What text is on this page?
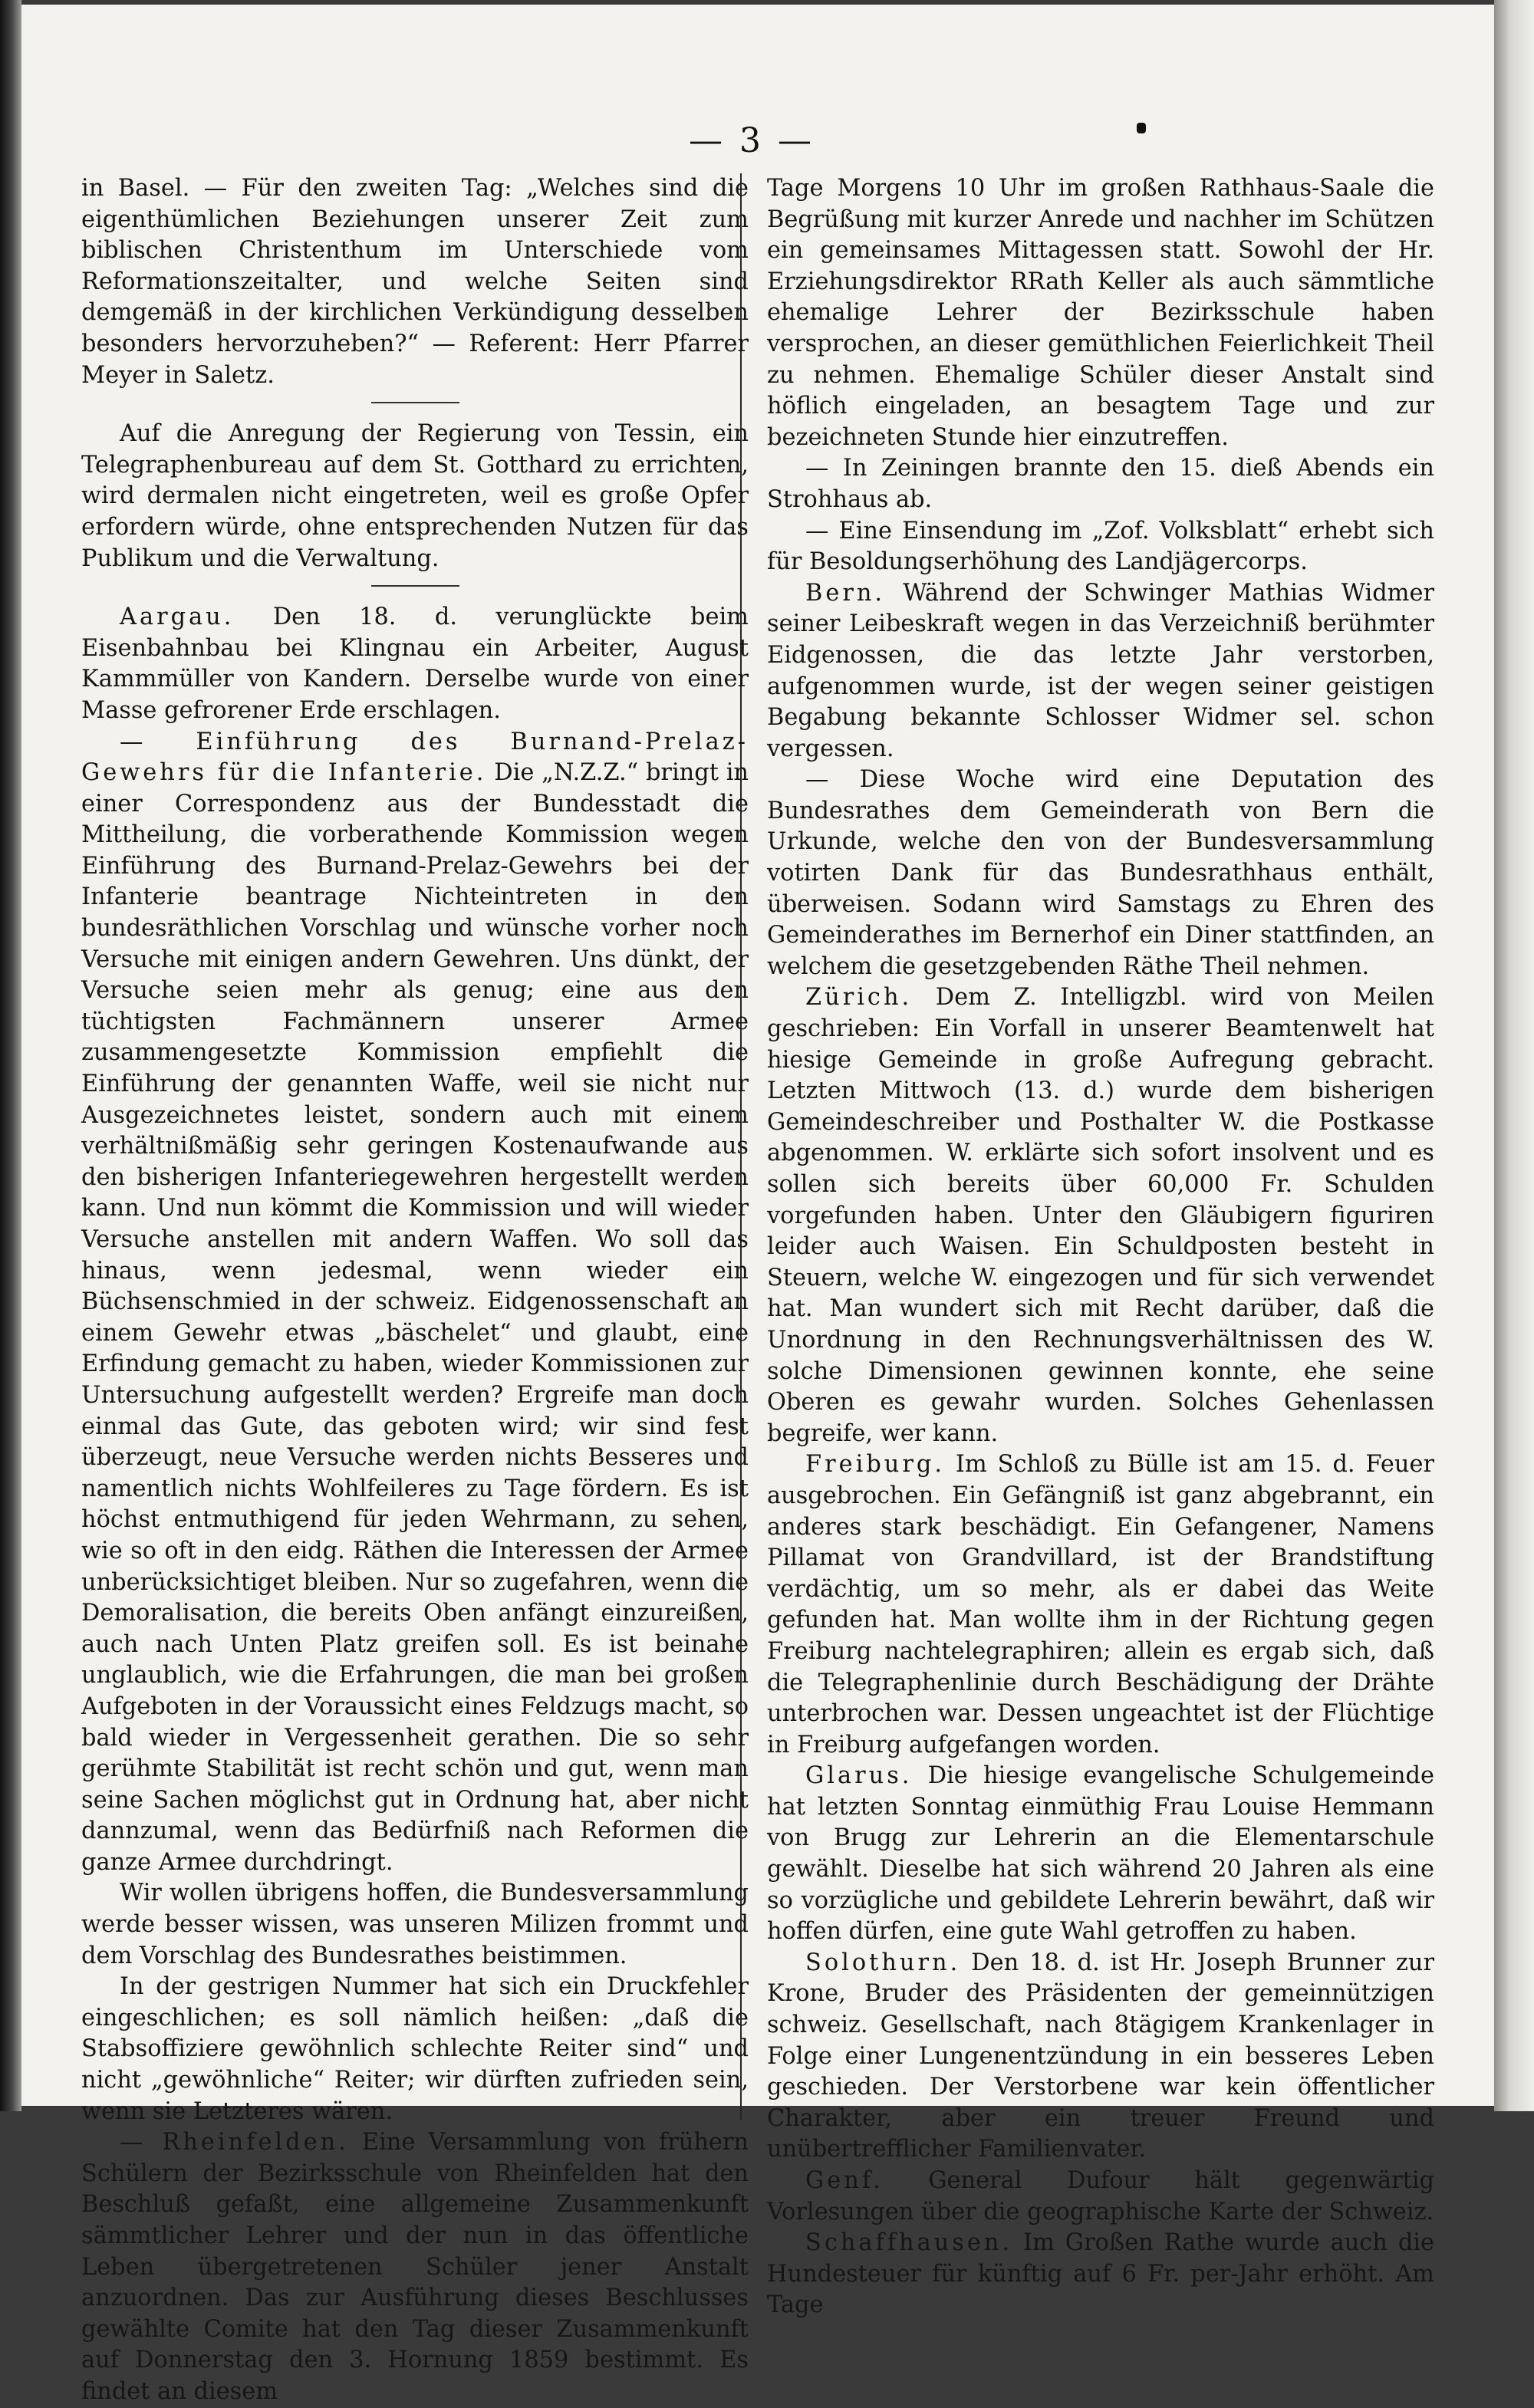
— 3 —

in Basel. — Für den zweiten Tag: „Welches sind die eigenthümlichen Beziehungen unserer Zeit zum biblischen Christenthum im Unterschiede vom Reformationszeitalter, und welche Seiten sind demgemäß in der kirchlichen Verkündigung desselben besonders hervorzuheben?“ — Referent: Herr Pfarrer Meyer in Saletz.

Auf die Anregung der Regierung von Tessin, ein Telegraphenbureau auf dem St. Gotthard zu errichten, wird dermalen nicht eingetreten, weil es große Opfer erfordern würde, ohne entsprechenden Nutzen für das Publikum und die Verwaltung.

Aargau. Den 18. d. verunglückte beim Eisenbahnbau bei Klingnau ein Arbeiter, August Kammmüller von Kandern. Derselbe wurde von einer Masse gefrorener Erde erschlagen.

— Einführung des Burnand-Prelaz-Gewehrs für die Infanterie. Die „N.Z.Z.“ bringt in einer Correspondenz aus der Bundesstadt die Mittheilung, die vorberathende Kommission wegen Einführung des Burnand-Prelaz-Gewehrs bei der Infanterie beantrage Nichteintreten in den bundesräthlichen Vorschlag und wünsche vorher noch Versuche mit einigen andern Gewehren. Uns dünkt, der Versuche seien mehr als genug; eine aus den tüchtigsten Fachmännern unserer Armee zusammengesetzte Kommission empfiehlt die Einführung der genannten Waffe, weil sie nicht nur Ausgezeichnetes leistet, sondern auch mit einem verhältnißmäßig sehr geringen Kostenaufwande aus den bisherigen Infanteriegewehren hergestellt werden kann. Und nun kömmt die Kommission und will wieder Versuche anstellen mit andern Waffen. Wo soll das hinaus, wenn jedesmal, wenn wieder ein Büchsenschmied in der schweiz. Eidgenossenschaft an einem Gewehr etwas „bäschelet“ und glaubt, eine Erfindung gemacht zu haben, wieder Kommissionen zur Untersuchung aufgestellt werden? Ergreife man doch einmal das Gute, das geboten wird; wir sind fest überzeugt, neue Versuche werden nichts Besseres und namentlich nichts Wohlfeileres zu Tage fördern. Es ist höchst entmuthigend für jeden Wehrmann, zu sehen, wie so oft in den eidg. Räthen die Interessen der Armee unberücksichtiget bleiben. Nur so zugefahren, wenn die Demoralisation, die bereits Oben anfängt einzureißen, auch nach Unten Platz greifen soll. Es ist beinahe unglaublich, wie die Erfahrungen, die man bei großen Aufgeboten in der Voraussicht eines Feldzugs macht, so bald wieder in Vergessenheit gerathen. Die so sehr gerühmte Stabilität ist recht schön und gut, wenn man seine Sachen möglichst gut in Ordnung hat, aber nicht dannzumal, wenn das Bedürfniß nach Reformen die ganze Armee durchdringt.

Wir wollen übrigens hoffen, die Bundesversammlung werde besser wissen, was unseren Milizen frommt und dem Vorschlag des Bundesrathes beistimmen.

In der gestrigen Nummer hat sich ein Druckfehler eingeschlichen; es soll nämlich heißen: „daß die Stabsoffiziere gewöhnlich schlechte Reiter sind“ und nicht „gewöhnliche“ Reiter; wir dürften zufrieden sein, wenn sie Letzteres wären.

— Rheinfelden. Eine Versammlung von frühern Schülern der Bezirksschule von Rheinfelden hat den Beschluß gefaßt, eine allgemeine Zusammenkunft sämmtlicher Lehrer und der nun in das öffentliche Leben übergetretenen Schüler jener Anstalt anzuordnen. Das zur Ausführung dieses Beschlusses gewählte Comite hat den Tag dieser Zusammenkunft auf Donnerstag den 3. Hornung 1859 bestimmt. Es findet an diesem

Tage Morgens 10 Uhr im großen Rathhaus-Saale die Begrüßung mit kurzer Anrede und nachher im Schützen ein gemeinsames Mittagessen statt. Sowohl der Hr. Erziehungsdirektor RRath Keller als auch sämmtliche ehemalige Lehrer der Bezirksschule haben versprochen, an dieser gemüthlichen Feierlichkeit Theil zu nehmen. Ehemalige Schüler dieser Anstalt sind höflich eingeladen, an besagtem Tage und zur bezeichneten Stunde hier einzutreffen.

— In Zeiningen brannte den 15. dieß Abends ein Strohhaus ab.

— Eine Einsendung im „Zof. Volksblatt“ erhebt sich für Besoldungserhöhung des Landjägercorps.

Bern. Während der Schwinger Mathias Widmer seiner Leibeskraft wegen in das Verzeichniß berühmter Eidgenossen, die das letzte Jahr verstorben, aufgenommen wurde, ist der wegen seiner geistigen Begabung bekannte Schlosser Widmer sel. schon vergessen.

— Diese Woche wird eine Deputation des Bundesrathes dem Gemeinderath von Bern die Urkunde, welche den von der Bundesversammlung votirten Dank für das Bundesrathhaus enthält, überweisen. Sodann wird Samstags zu Ehren des Gemeinderathes im Bernerhof ein Diner stattfinden, an welchem die gesetzgebenden Räthe Theil nehmen.

Zürich. Dem Z. Intelligzbl. wird von Meilen geschrieben: Ein Vorfall in unserer Beamtenwelt hat hiesige Gemeinde in große Aufregung gebracht. Letzten Mittwoch (13. d.) wurde dem bisherigen Gemeindeschreiber und Posthalter W. die Postkasse abgenommen. W. erklärte sich sofort insolvent und es sollen sich bereits über 60,000 Fr. Schulden vorgefunden haben. Unter den Gläubigern figuriren leider auch Waisen. Ein Schuldposten besteht in Steuern, welche W. eingezogen und für sich verwendet hat. Man wundert sich mit Recht darüber, daß die Unordnung in den Rechnungsverhältnissen des W. solche Dimensionen gewinnen konnte, ehe seine Oberen es gewahr wurden. Solches Gehenlassen begreife, wer kann.

Freiburg. Im Schloß zu Bülle ist am 15. d. Feuer ausgebrochen. Ein Gefängniß ist ganz abgebrannt, ein anderes stark beschädigt. Ein Gefangener, Namens Pillamat von Grandvillard, ist der Brandstiftung verdächtig, um so mehr, als er dabei das Weite gefunden hat. Man wollte ihm in der Richtung gegen Freiburg nachtelegraphiren; allein es ergab sich, daß die Telegraphenlinie durch Beschädigung der Drähte unterbrochen war. Dessen ungeachtet ist der Flüchtige in Freiburg aufgefangen worden.

Glarus. Die hiesige evangelische Schulgemeinde hat letzten Sonntag einmüthig Frau Louise Hemmann von Brugg zur Lehrerin an die Elementarschule gewählt. Dieselbe hat sich während 20 Jahren als eine so vorzügliche und gebildete Lehrerin bewährt, daß wir hoffen dürfen, eine gute Wahl getroffen zu haben.

Solothurn. Den 18. d. ist Hr. Joseph Brunner zur Krone, Bruder des Präsidenten der gemeinnützigen schweiz. Gesellschaft, nach 8tägigem Krankenlager in Folge einer Lungenentzündung in ein besseres Leben geschieden. Der Verstorbene war kein öffentlicher Charakter, aber ein treuer Freund und unübertrefflicher Familienvater.

Genf. General Dufour hält gegenwärtig Vorlesungen über die geographische Karte der Schweiz.

Schaffhausen. Im Großen Rathe wurde auch die Hundesteuer für künftig auf 6 Fr. per-Jahr erhöht. Am Tage
